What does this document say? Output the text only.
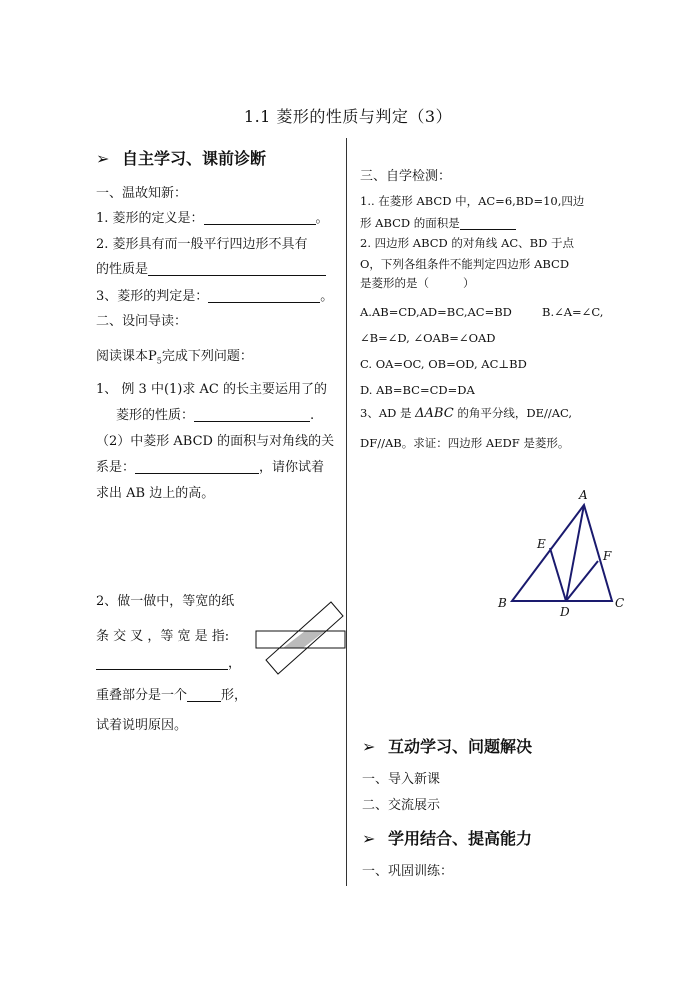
1.1 菱形的性质与判定（3）
➢ 自主学习、课前诊断
一、温故知新：
1. 菱形的定义是：	。
2. 菱形具有而一般平行四边形不具有
的性质是
3、菱形的判定是：	。
二、设问导读：
阅读课本$P_5$完成下列问题：
1、 例 3 中(1)求 AC 的长主要运用了的
菱形的性质：	.
（2）中菱形 ABCD 的面积与对角线的关
系是：	，请你试着
求出 AB 边上的高。
2、做一做中，等宽的纸
条 交 叉 ，等 宽 是 指:
，
重叠部分是一个	形，
试着说明原因。
三、自学检测：
1.. 在菱形 ABCD 中，AC=6,BD=10,四边
形 ABCD 的面积是
2. 四边形 ABCD 的对角线 AC、BD 于点
O，下列各组条件不能判定四边形 ABCD
是菱形的是（	）
A.AB=CD,AD=BC,AC=BD	B.∠A=∠C,
∠B=∠D, ∠OAB=∠OAD
C. OA=OC, OB=OD, AC⊥BD
D. AB=BC=CD=DA
3、AD 是 ΔABC 的角平分线，DE//AC,
DF//AB。求证：四边形 AEDF 是菱形。
A
E
F
B
D
C
➢ 互动学习、问题解决
一、导入新课
二、交流展示
➢ 学用结合、提高能力
一、巩固训练：
